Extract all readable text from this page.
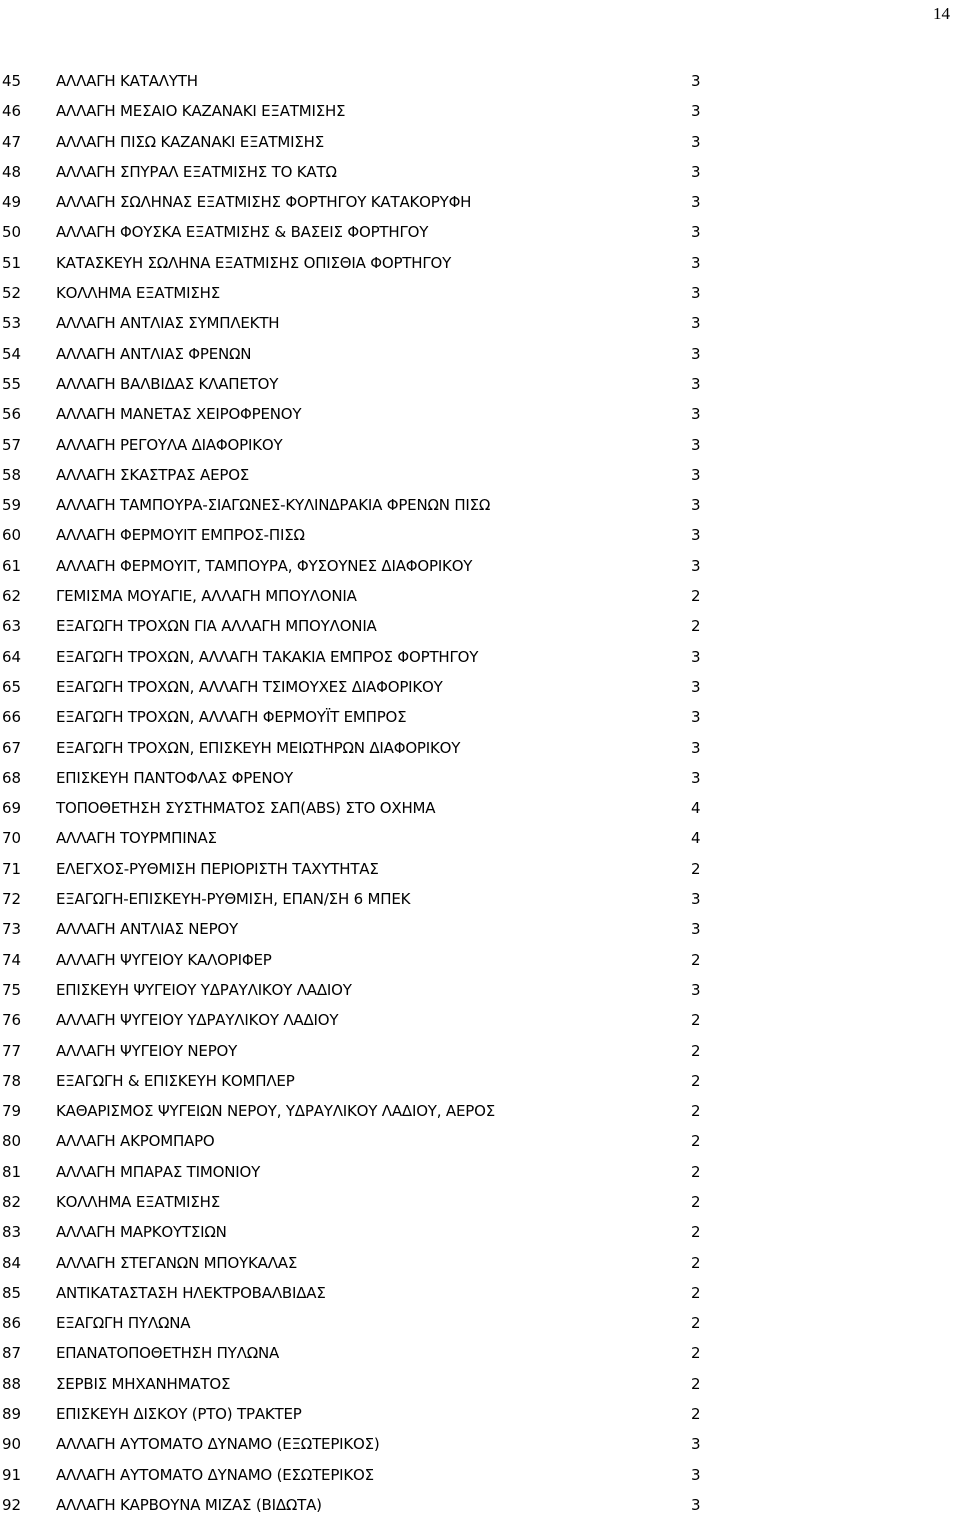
14
45	ΑΛΛΑΓΗ ΚΑΤΑΛΥΤΗ	3
46	ΑΛΛΑΓΗ ΜΕΣΑΙΟ ΚΑΖΑΝΑΚΙ ΕΞΑΤΜΙΣΗΣ	3
47	ΑΛΛΑΓΗ ΠΙΣΩ ΚΑΖΑΝΑΚΙ ΕΞΑΤΜΙΣΗΣ	3
48	ΑΛΛΑΓΗ ΣΠΥΡΑΛ ΕΞΑΤΜΙΣΗΣ ΤΟ ΚΑΤΩ	3
49	ΑΛΛΑΓΗ ΣΩΛΗΝΑΣ ΕΞΑΤΜΙΣΗΣ ΦΟΡΤΗΓΟΥ ΚΑΤΑΚΟΡΥΦΗ	3
50	ΑΛΛΑΓΗ ΦΟΥΣΚΑ ΕΞΑΤΜΙΣΗΣ & ΒΑΣΕΙΣ ΦΟΡΤΗΓΟΥ	3
51	ΚΑΤΑΣΚΕΥΗ ΣΩΛΗΝΑ ΕΞΑΤΜΙΣΗΣ ΟΠΙΣΘΙΑ ΦΟΡΤΗΓΟΥ	3
52	ΚΟΛΛΗΜΑ ΕΞΑΤΜΙΣΗΣ	3
53	ΑΛΛΑΓΗ ΑΝΤΛΙΑΣ ΣΥΜΠΛΕΚΤΗ	3
54	ΑΛΛΑΓΗ ΑΝΤΛΙΑΣ ΦΡΕΝΩΝ	3
55	ΑΛΛΑΓΗ ΒΑΛΒΙΔΑΣ ΚΛΑΠΕΤΟΥ	3
56	ΑΛΛΑΓΗ ΜΑΝΕΤΑΣ ΧΕΙΡΟΦΡΕΝΟΥ	3
57	ΑΛΛΑΓΗ ΡΕΓΟΥΛΑ ΔΙΑΦΟΡΙΚΟΥ	3
58	ΑΛΛΑΓΗ ΣΚΑΣΤΡΑΣ ΑΕΡΟΣ	3
59	ΑΛΛΑΓΗ ΤΑΜΠΟΥΡΑ-ΣΙΑΓΩΝΕΣ-ΚΥΛΙΝΔΡΑΚΙΑ ΦΡΕΝΩΝ ΠΙΣΩ	3
60	ΑΛΛΑΓΗ ΦΕΡΜΟΥΙΤ ΕΜΠΡΟΣ-ΠΙΣΩ	3
61	ΑΛΛΑΓΗ ΦΕΡΜΟΥΙΤ, ΤΑΜΠΟΥΡΑ, ΦΥΣΟΥΝΕΣ ΔΙΑΦΟΡΙΚΟΥ	3
62	ΓΕΜΙΣΜΑ ΜΟΥΑΓΙΕ, ΑΛΛΑΓΗ ΜΠΟΥΛΟΝΙΑ	2
63	ΕΞΑΓΩΓΗ ΤΡΟΧΩΝ ΓΙΑ ΑΛΛΑΓΗ ΜΠΟΥΛΟΝΙΑ	2
64	ΕΞΑΓΩΓΗ ΤΡΟΧΩΝ, ΑΛΛΑΓΗ ΤΑΚΑΚΙΑ ΕΜΠΡΟΣ ΦΟΡΤΗΓΟΥ	3
65	ΕΞΑΓΩΓΗ ΤΡΟΧΩΝ, ΑΛΛΑΓΗ ΤΣΙΜΟΥΧΕΣ ΔΙΑΦΟΡΙΚΟΥ	3
66	ΕΞΑΓΩΓΗ ΤΡΟΧΩΝ, ΑΛΛΑΓΗ ΦΕΡΜΟΥΪΤ ΕΜΠΡΟΣ	3
67	ΕΞΑΓΩΓΗ ΤΡΟΧΩΝ, ΕΠΙΣΚΕΥΗ ΜΕΙΩΤΗΡΩΝ ΔΙΑΦΟΡΙΚΟΥ	3
68	ΕΠΙΣΚΕΥΗ ΠΑΝΤΟΦΛΑΣ ΦΡΕΝΟΥ	3
69	ΤΟΠΟΘΕΤΗΣΗ ΣΥΣΤΗΜΑΤΟΣ ΣΑΠ(ABS) ΣΤΟ ΟΧΗΜΑ	4
70	ΑΛΛΑΓΗ ΤΟΥΡΜΠΙΝΑΣ	4
71	ΕΛΕΓΧΟΣ-ΡΥΘΜΙΣΗ ΠΕΡΙΟΡΙΣΤΗ ΤΑΧΥΤΗΤΑΣ	2
72	ΕΞΑΓΩΓΗ-ΕΠΙΣΚΕΥΗ-ΡΥΘΜΙΣΗ, ΕΠΑΝ/ΣΗ 6 ΜΠΕΚ	3
73	ΑΛΛΑΓΗ ΑΝΤΛΙΑΣ ΝΕΡΟΥ	3
74	ΑΛΛΑΓΗ ΨΥΓΕΙΟΥ ΚΑΛΟΡΙΦΕΡ	2
75	ΕΠΙΣΚΕΥΗ ΨΥΓΕΙΟΥ ΥΔΡΑΥΛΙΚΟΥ ΛΑΔΙΟΥ	3
76	ΑΛΛΑΓΗ ΨΥΓΕΙΟΥ ΥΔΡΑΥΛΙΚΟΥ ΛΑΔΙΟΥ	2
77	ΑΛΛΑΓΗ ΨΥΓΕΙΟΥ ΝΕΡΟΥ	2
78	ΕΞΑΓΩΓΗ & ΕΠΙΣΚΕΥΗ ΚΟΜΠΛΕΡ	2
79	ΚΑΘΑΡΙΣΜΟΣ ΨΥΓΕΙΩΝ ΝΕΡΟΥ, ΥΔΡΑΥΛΙΚΟΥ ΛΑΔΙΟΥ, ΑΕΡΟΣ	2
80	ΑΛΛΑΓΗ ΑΚΡΟΜΠΑΡΟ	2
81	ΑΛΛΑΓΗ ΜΠΑΡΑΣ ΤΙΜΟΝΙΟΥ	2
82	ΚΟΛΛΗΜΑ ΕΞΑΤΜΙΣΗΣ	2
83	ΑΛΛΑΓΗ ΜΑΡΚΟΥΤΣΙΩΝ	2
84	ΑΛΛΑΓΗ ΣΤΕΓΑΝΩΝ ΜΠΟΥΚΑΛΑΣ	2
85	ΑΝΤΙΚΑΤΑΣΤΑΣΗ ΗΛΕΚΤΡΟΒΑΛΒΙΔΑΣ	2
86	ΕΞΑΓΩΓΗ ΠΥΛΩΝΑ	2
87	ΕΠΑΝΑΤΟΠΟΘΕΤΗΣΗ ΠΥΛΩΝΑ	2
88	ΣΕΡΒΙΣ ΜΗΧΑΝΗΜΑΤΟΣ	2
89	ΕΠΙΣΚΕΥΗ ΔΙΣΚΟΥ (PTO) ΤΡΑΚΤΕΡ	2
90	ΑΛΛΑΓΗ ΑΥΤΟΜΑΤΟ ΔΥΝΑΜΟ (ΕΞΩΤΕΡΙΚΟΣ)	3
91	ΑΛΛΑΓΗ ΑΥΤΟΜΑΤΟ ΔΥΝΑΜΟ (ΕΣΩΤΕΡΙΚΟΣ	3
92	ΑΛΛΑΓΗ ΚΑΡΒΟΥΝΑ ΜΙΖΑΣ (ΒΙΔΩΤΑ)	3
